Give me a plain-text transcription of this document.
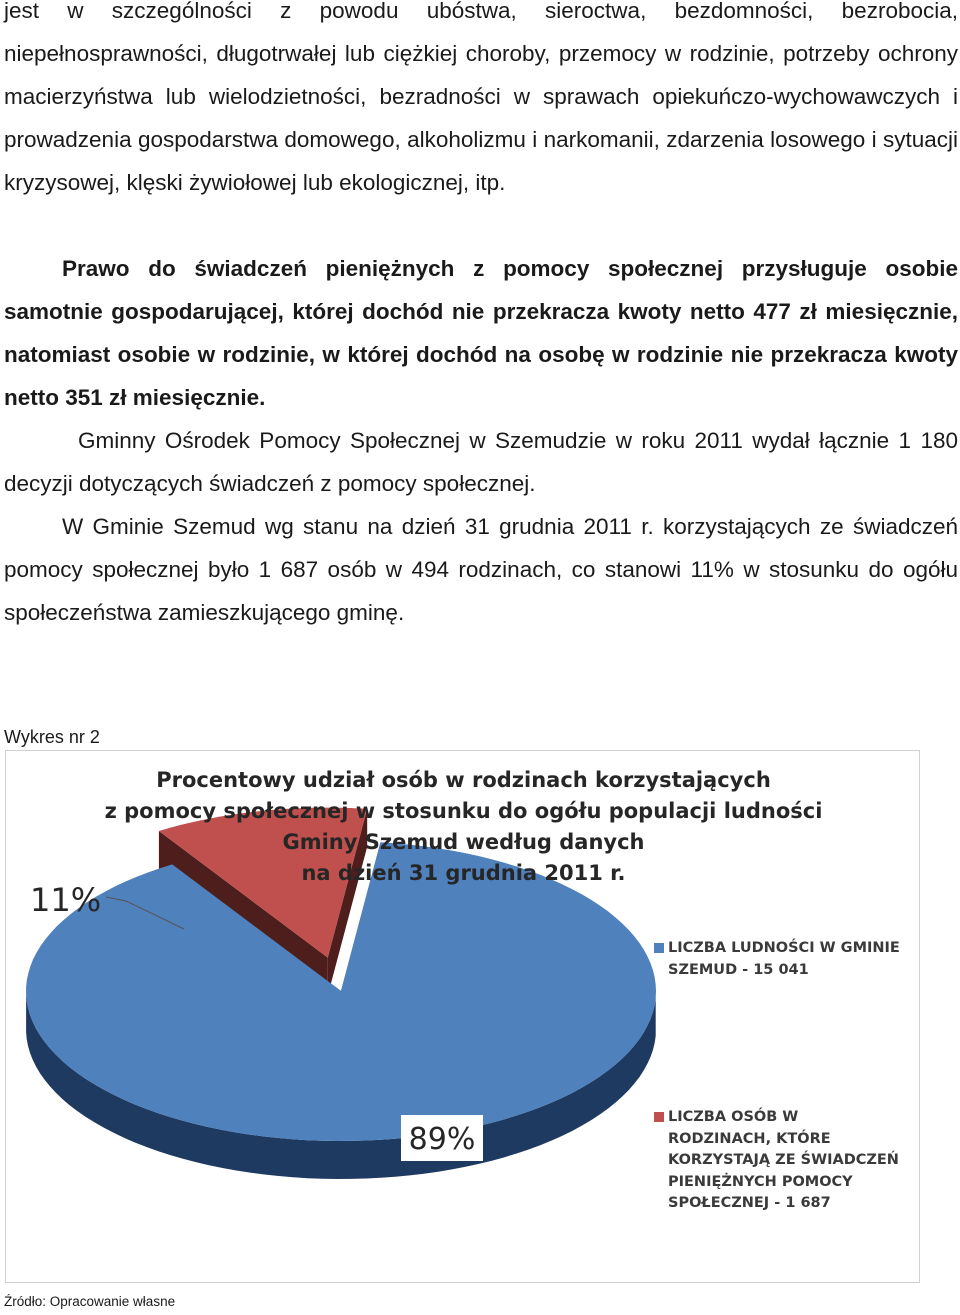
jest w szczególności z powodu ubóstwa, sieroctwa, bezdomności, bezrobocia, niepełnosprawności, długotrwałej lub ciężkiej choroby, przemocy w rodzinie, potrzeby ochrony macierzyństwa lub wielodzietności, bezradności w sprawach opiekuńczo-wychowawczych i prowadzenia gospodarstwa domowego, alkoholizmu i narkomanii, zdarzenia losowego i sytuacji kryzysowej, klęski żywiołowej lub ekologicznej, itp.

Prawo do świadczeń pieniężnych z pomocy społecznej przysługuje osobie samotnie gospodarującej, której dochód nie przekracza kwoty netto 477 zł miesięcznie, natomiast osobie w rodzinie, w której dochód na osobę w rodzinie nie przekracza kwoty netto 351 zł miesięcznie.

Gminny Ośrodek Pomocy Społecznej w Szemudzie w roku 2011 wydał łącznie 1 180 decyzji dotyczących świadczeń z pomocy społecznej.

W Gminie Szemud wg stanu na dzień 31 grudnia 2011 r. korzystających ze świadczeń pomocy społecznej było 1 687 osób w 494 rodzinach, co stanowi 11% w stosunku do ogółu społeczeństwa zamieszkującego gminę.

Wykres nr 2
89%
11%
Procentowy udział osób w rodzinach korzystających
z pomocy społecznej w stosunku do ogółu populacji ludności
Gminy Szemud według danych
na dzień 31 grudnia 2011 r.
LICZBA LUDNOŚCI W GMINIE
SZEMUD - 15 041
LICZBA OSÓB W
RODZINACH, KTÓRE
KORZYSTAJĄ ZE ŚWIADCZEŃ
PIENIĘŻNYCH POMOCY
SPOŁECZNEJ - 1 687
Źródło: Opracowanie własne
